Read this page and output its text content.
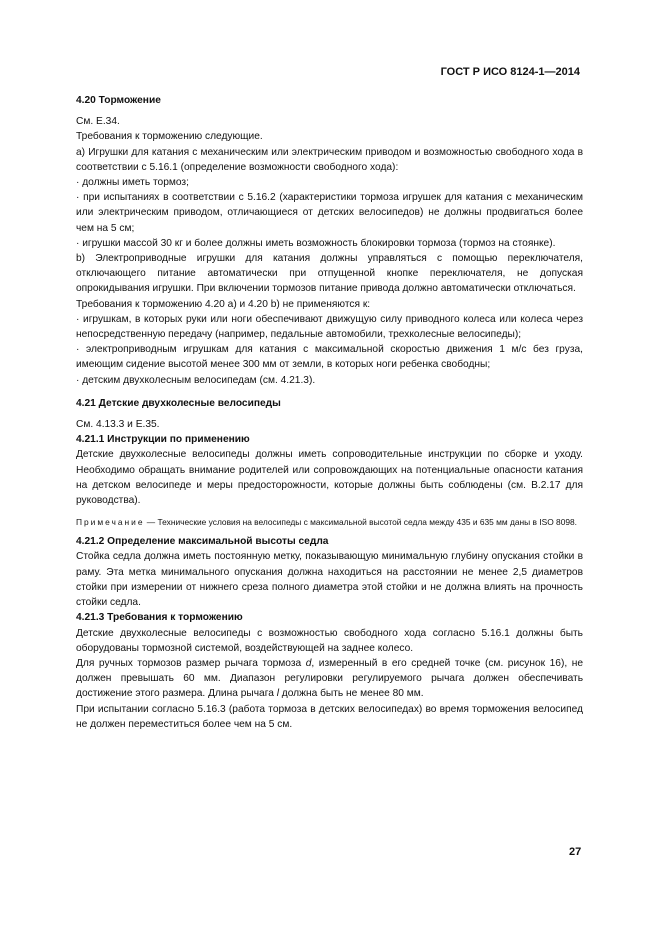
ГОСТ Р ИСО 8124-1—2014

4.20 Торможение

См. Е.34.

Требования к торможению следующие.

а) Игрушки для катания с механическим или электрическим приводом и возможностью свободного хода в соответствии с 5.16.1 (определение возможности свободного хода):

· должны иметь тормоз;

· при испытаниях в соответствии с 5.16.2 (характеристики тормоза игрушек для катания с механическим или электрическим приводом, отличающиеся от детских велосипедов) не должны продвигаться более чем на 5 см;

· игрушки массой 30 кг и более должны иметь возможность блокировки тормоза (тормоз на стоянке).

b) Электроприводные игрушки для катания должны управляться с помощью переключателя, отключающего питание автоматически при отпущенной кнопке переключателя, не допуская опрокидывания игрушки. При включении тормозов питание привода должно автоматически отключаться.

Требования к торможению 4.20 а) и 4.20 b) не применяются к:

· игрушкам, в которых руки или ноги обеспечивают движущую силу приводного колеса или колеса через непосредственную передачу (например, педальные автомобили, трехколесные велосипеды);

· электроприводным игрушкам для катания с максимальной скоростью движения 1 м/с без груза, имеющим сидение высотой менее 300 мм от земли, в которых ноги ребенка свободны;

· детским двухколесным велосипедам (см. 4.21.3).

4.21 Детские двухколесные велосипеды

См. 4.13.3 и Е.35.

4.21.1 Инструкции по применению

Детские двухколесные велосипеды должны иметь сопроводительные инструкции по сборке и уходу. Необходимо обращать внимание родителей или сопровождающих на потенциальные опасности катания на детском велосипеде и меры предосторожности, которые должны быть соблюдены (см. В.2.17 для руководства).

Примечание — Технические условия на велосипеды с максимальной высотой седла между 435 и 635 мм даны в ISO 8098.

4.21.2 Определение максимальной высоты седла

Стойка седла должна иметь постоянную метку, показывающую минимальную глубину опускания стойки в раму. Эта метка минимального опускания должна находиться на расстоянии не менее 2,5 диаметров стойки при измерении от нижнего среза полного диаметра этой стойки и не должна влиять на прочность стойки седла.

4.21.3 Требования к торможению

Детские двухколесные велосипеды с возможностью свободного хода согласно 5.16.1 должны быть оборудованы тормозной системой, воздействующей на заднее колесо.

Для ручных тормозов размер рычага тормоза d, измеренный в его средней точке (см. рисунок 16), не должен превышать 60 мм. Диапазон регулировки регулируемого рычага должен обеспечивать достижение этого размера. Длина рычага l должна быть не менее 80 мм.

При испытании согласно 5.16.3 (работа тормоза в детских велосипедах) во время торможения велосипед не должен переместиться более чем на 5 см.

27
